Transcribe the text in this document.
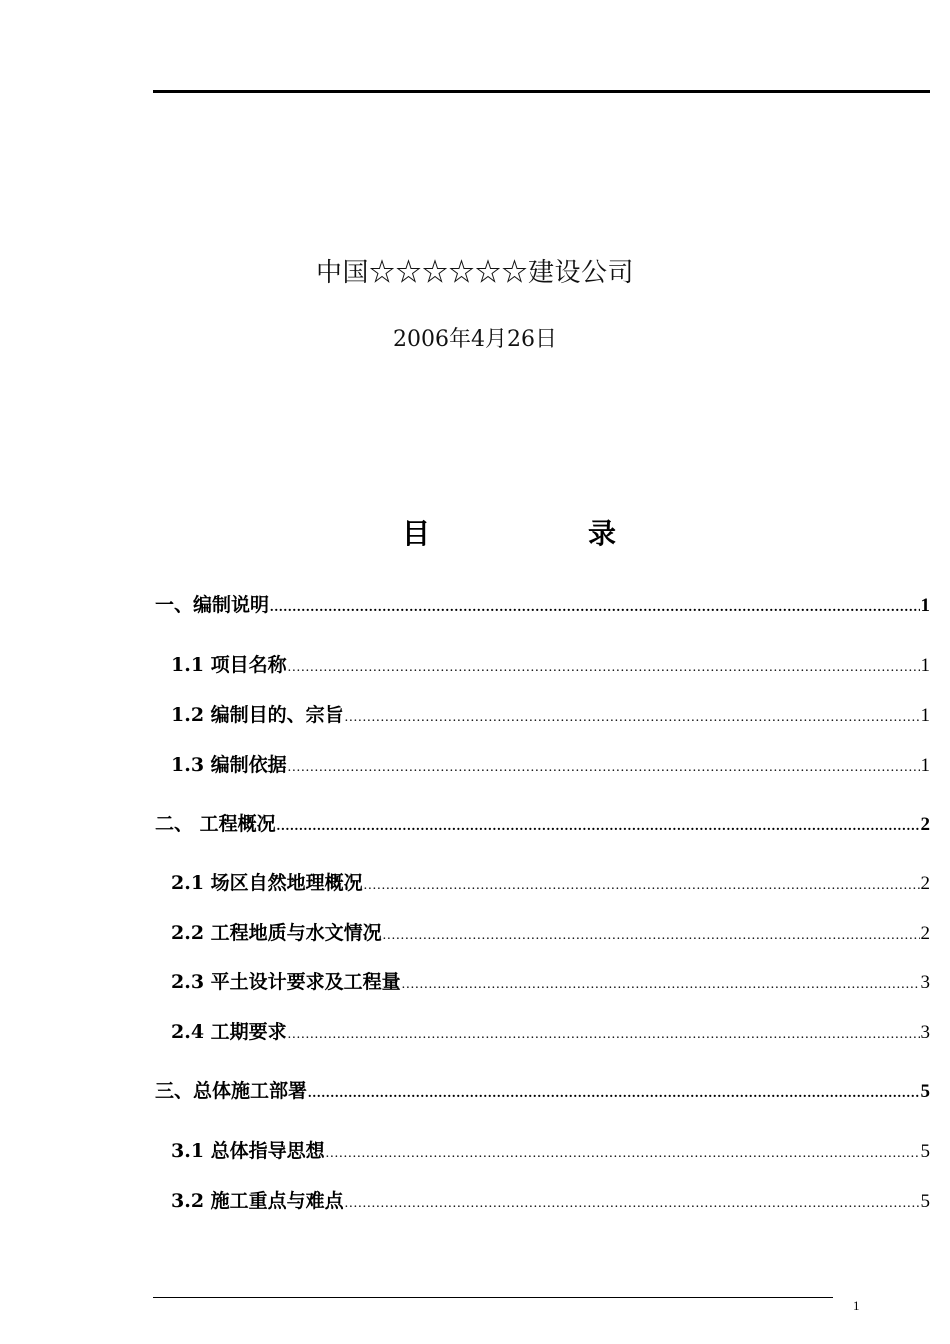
中国☆☆☆☆☆☆建设公司
2006年4月26日
目	录
一、编制说明 .....	1
1.1 项目名称 .....	1
1.2 编制目的、宗旨 .....	1
1.3 编制依据 .....	1
二、 工程概况 .....	2
2.1 场区自然地理概况 .....	2
2.2 工程地质与水文情况 .....	2
2.3 平土设计要求及工程量 .....	3
2.4 工期要求 .....	3
三、总体施工部署 .....	5
3.1 总体指导思想 .....	5
3.2 施工重点与难点 .....	5
1
